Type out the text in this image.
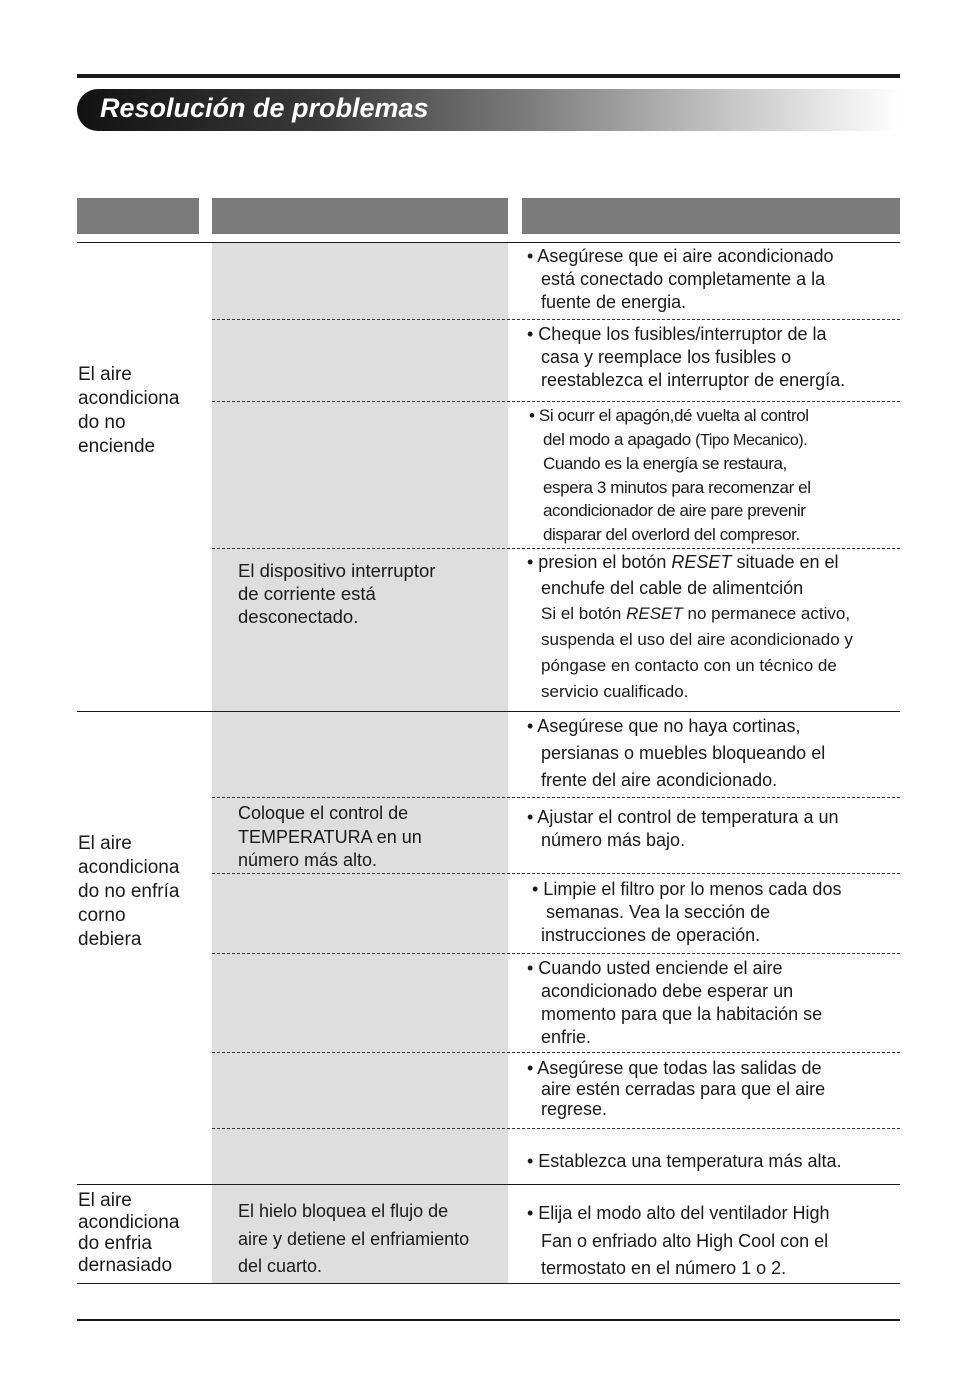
Resolución de problemas
El aire
acondiciona
do no
enciende
El aire
acondiciona
do no enfría
corno
debiera
El aire
acondiciona
do enfria
dernasiado
El dispositivo interruptor
de corriente está
desconectado.
Coloque el control de
TEMPERATURA en un
número más alto.
El hielo bloquea el flujo de
aire y detiene el enfriamiento
del cuarto.
• Asegúrese que ei aire acondicionado
está conectado completamente a la
fuente de energia.
• Cheque los fusibles/interruptor de la
casa y reemplace los fusibles o
reestablezca el interruptor de energía.
• Si ocurr el apagón,dé vuelta al control
del modo a apagado (Tipo Mecanico).
Cuando es la energía se restaura,
espera 3 minutos para recomenzar el
acondicionador de aire pare prevenir
disparar del overlord del compresor.
• presion el botón RESET situade en el
enchufe del cable de alimentción
Si el botón RESET no permanece activo,
suspenda el uso del aire acondicionado y
póngase en contacto con un técnico de
servicio cualificado.
• Asegúrese que no haya cortinas,
persianas o muebles bloqueando el
frente del aire acondicionado.
• Ajustar el control de temperatura a un
número más bajo.
• Limpie el filtro por lo menos cada dos
semanas. Vea la sección de
instrucciones de operación.
• Cuando usted enciende el aire
acondicionado debe esperar un
momento para que la habitación se
enfrie.
• Asegúrese que todas las salidas de
aire estén cerradas para que el aire
regrese.
• Establezca una temperatura más alta.
• Elija el modo alto del ventilador High
Fan o enfriado alto High Cool con el
termostato en el número 1 o 2.
